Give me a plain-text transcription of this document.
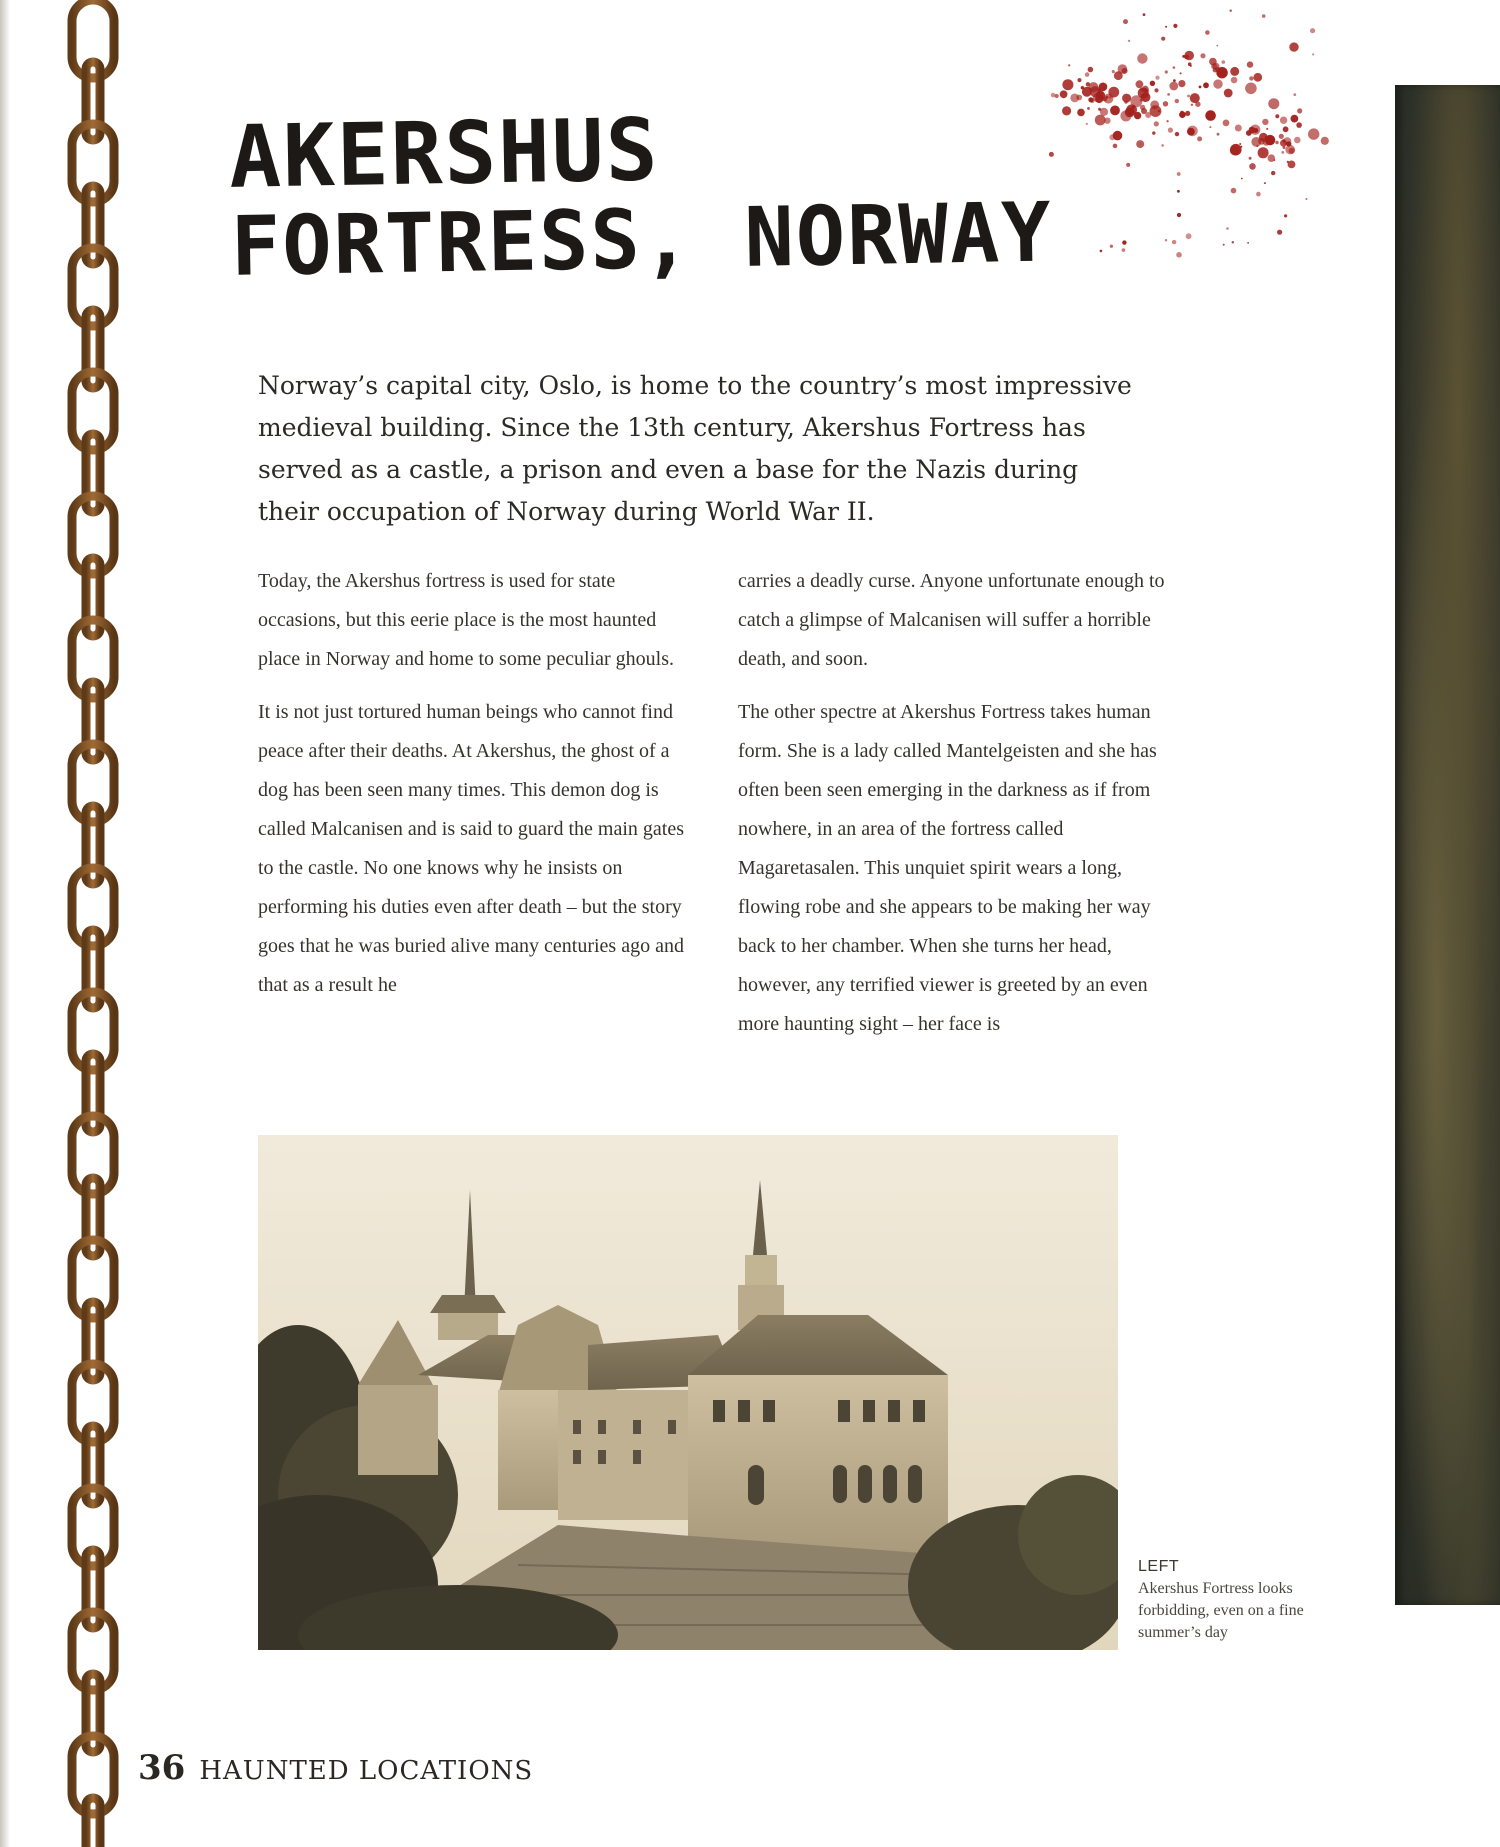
AKERSHUS
FORTRESS, NORWAY

Norway’s capital city, Oslo, is home to the country’s most impressive medieval building. Since the 13th century, Akershus Fortress has served as a castle, a prison and even a base for the Nazis during their occupation of Norway during World War II.

Today, the Akershus fortress is used for state occasions, but this eerie place is the most haunted place in Norway and home to some peculiar ghouls.

It is not just tortured human beings who cannot find peace after their deaths. At Akershus, the ghost of a dog has been seen many times. This demon dog is called Malcanisen and is said to guard the main gates to the castle. No one knows why he insists on performing his duties even after death – but the story goes that he was buried alive many centuries ago and that as a result he

carries a deadly curse. Anyone unfortunate enough to catch a glimpse of Malcanisen will suffer a horrible death, and soon.

The other spectre at Akershus Fortress takes human form. She is a lady called Mantelgeisten and she has often been seen emerging in the darkness as if from nowhere, in an area of the fortress called Magaretasalen. This unquiet spirit wears a long, flowing robe and she appears to be making her way back to her chamber. When she turns her head, however, any terrified viewer is greeted by an even more haunting sight – her face is

LEFT
Akershus Fortress looks forbidding, even on a fine summer’s day
36 HAUNTED LOCATIONS
